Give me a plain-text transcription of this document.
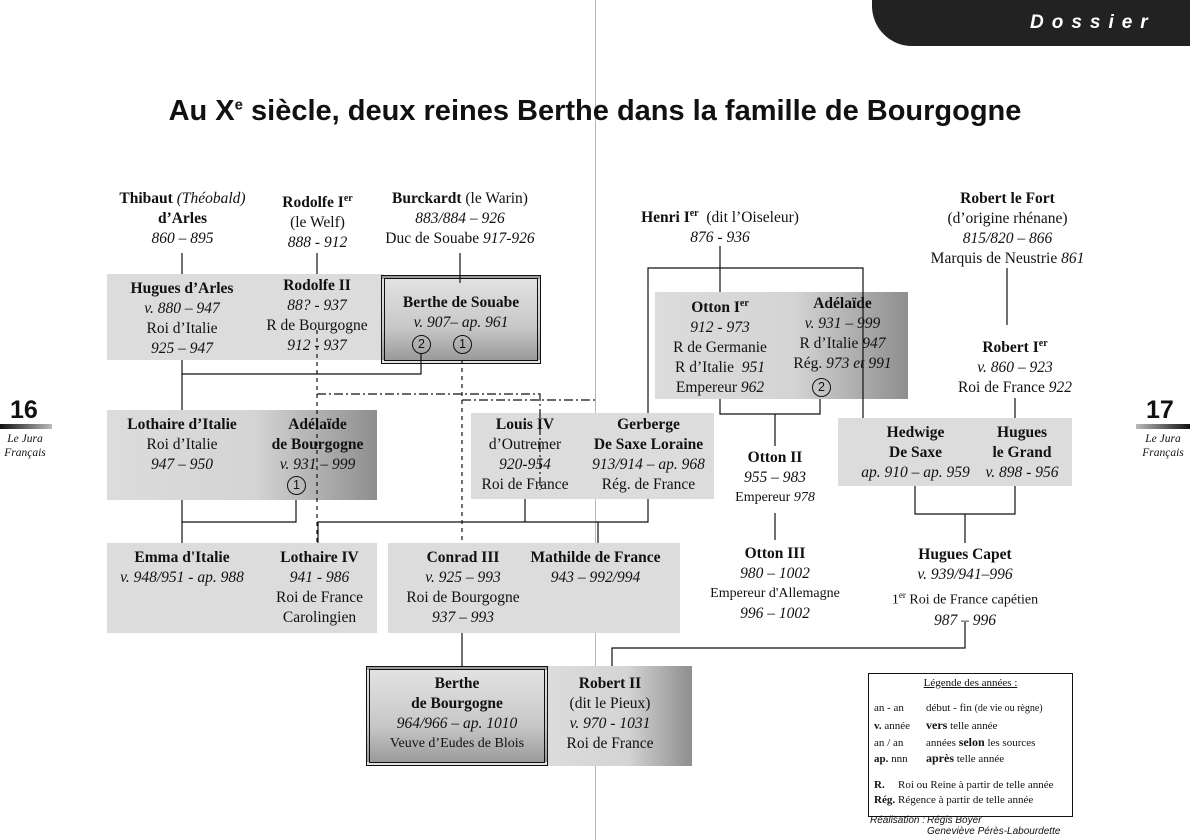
Dossier
16
Le Jura
Français
17
Le Jura
Français
Au Xe siècle, deux reines Berthe dans la famille de Bourgogne
Thibaut (Théobald)
d’Arles
860 – 895
Rodolfe Ier
(le Welf)
888 - 912
Burckardt (le Warin)
883/884 – 926
Duc de Souabe 917-926
Henri Ier (dit l’Oiseleur)
876 - 936
Robert le Fort
(d’origine rhénane)
815/820 – 866
Marquis de Neustrie 861
Hugues d’Arles
v. 880 – 947
Roi d’Italie
925 – 947
Rodolfe II
88? - 937
R de Bourgogne
912 - 937
Berthe de Souabe
v. 907– ap. 961
2	1
Otton Ier
912 - 973
R de Germanie
R d’Italie 951
Empereur 962
Adélaïde
v. 931 – 999
R d’Italie 947
Rég. 973 et 991
2
Robert Ier
v. 860 – 923
Roi de France 922
Lothaire d’Italie
Roi d’Italie
947 – 950
Adélaïde
de Bourgogne
v. 931 – 999
1
Louis IV
d’Outremer
920-954
Roi de France
Gerberge
De Saxe Loraine
913/914 – ap. 968
Rég. de France
Otton II
955 – 983
Empereur 978
Hedwige
De Saxe
ap. 910 – ap. 959
Hugues
le Grand
v. 898 - 956
Emma d'Italie
v. 948/951 - ap. 988
Lothaire IV
941 - 986
Roi de France
Carolingien
Conrad III
v. 925 – 993
Roi de Bourgogne
937 – 993
Mathilde de France
943 – 992/994
Otton III
980 – 1002
Empereur d'Allemagne
996 – 1002
Hugues Capet
v. 939/941–996
1er Roi de France capétien
987 – 996
Berthe
de Bourgogne
964/966 – ap. 1010
Veuve d’Eudes de Blois
Robert II
(dit le Pieux)
v. 970 - 1031
Roi de France
Légende des années :
an - an début - fin (de vie ou règne)
v. année vers telle année
an / an années selon les sources
ap. nnn après telle année
R. Roi ou Reine à partir de telle année
Rég. Régence à partir de telle année
Réalisation : Régis Boyer
Geneviève Pérès-Labourdette
